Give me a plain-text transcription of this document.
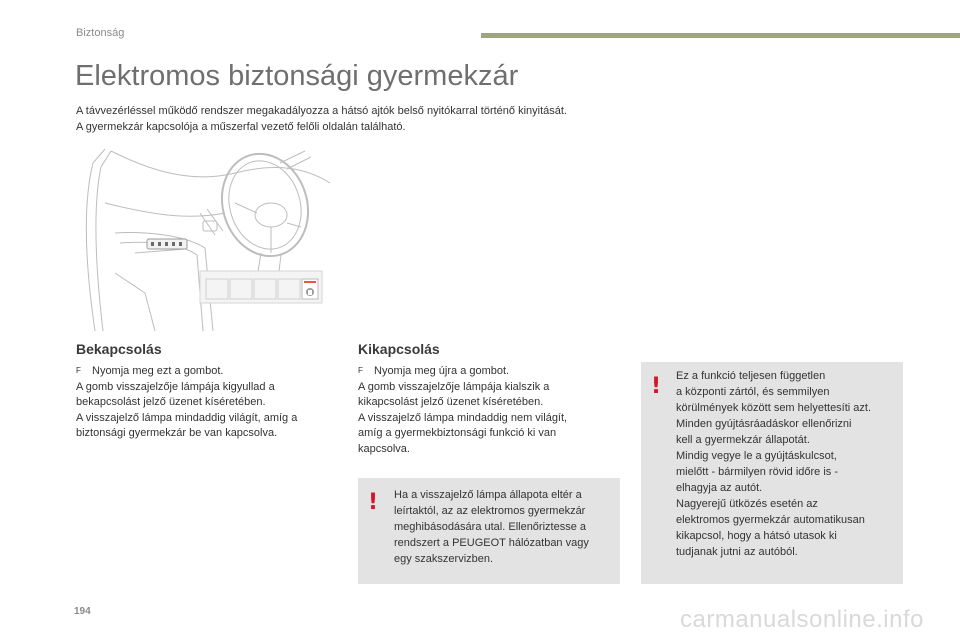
Biztonság
Elektromos biztonsági gyermekzár

A távvezérléssel működő rendszer megakadályozza a hátsó ajtók belső nyitókarral történő kinyitását.

A gyermekzár kapcsolója a műszerfal vezető felőli oldalán található.

Bekapcsolás

F Nyomja meg ezt a gombot.

A gomb visszajelzője lámpája kigyullad a

bekapcsolást jelző üzenet kíséretében.

A visszajelző lámpa mindaddig világít, amíg a

biztonsági gyermekzár be van kapcsolva.

Kikapcsolás

F Nyomja meg újra a gombot.

A gomb visszajelzője lámpája kialszik a

kikapcsolást jelző üzenet kíséretében.

A visszajelző lámpa mindaddig nem világít,

amíg a gyermekbiztonsági funkció ki van

kapcsolva.

! Ha a visszajelző lámpa állapota eltér a

leírtaktól, az az elektromos gyermekzár

meghibásodására utal. Ellenőriztesse a

rendszert a PEUGEOT hálózatban vagy

egy szakszervizben.

! Ez a funkció teljesen független

a központi zártól, és semmilyen

körülmények között sem helyettesíti azt.

Minden gyújtásráadáskor ellenőrizni

kell a gyermekzár állapotát.

Mindig vegye le a gyújtáskulcsot,

mielőtt - bármilyen rövid időre is -

elhagyja az autót.

Nagyerejű ütközés esetén az

elektromos gyermekzár automatikusan

kikapcsol, hogy a hátsó utasok ki

tudjanak jutni az autóból.

194	carmanualsonline.info
